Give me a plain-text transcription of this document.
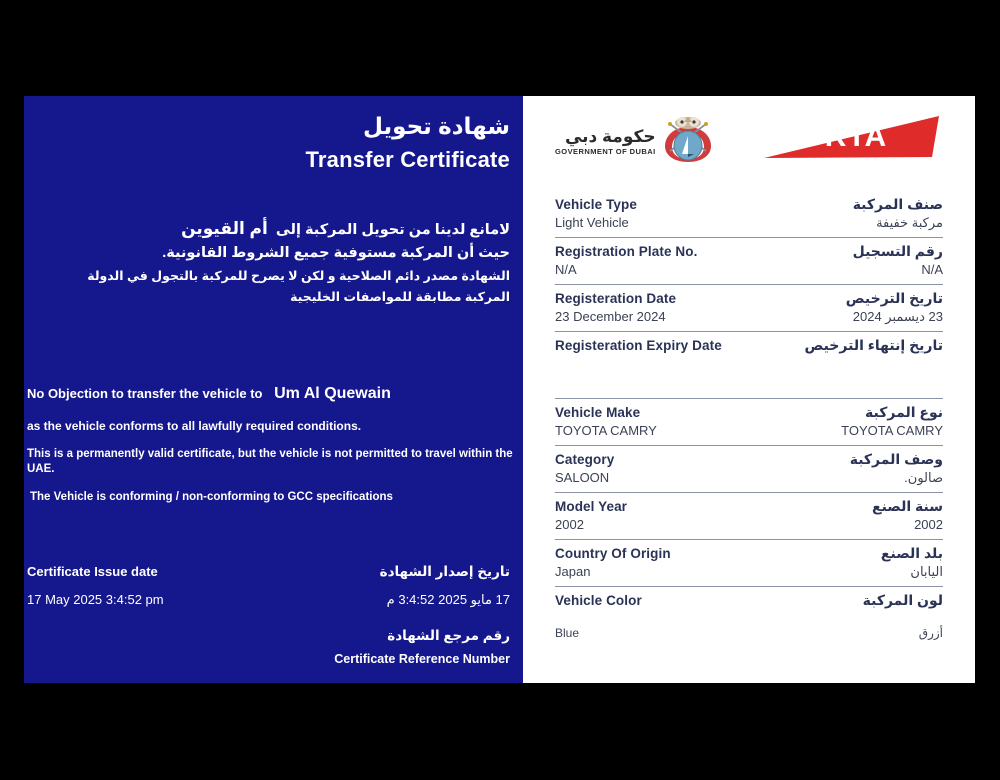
شهادة تحويل
Transfer Certificate
لامانع لدينا من تحويل المركبة إلى أم القيوين
حيث أن المركبة مستوفية جميع الشروط القانونية.
الشهادة مصدر دائم الصلاحية و لكن لا يصرح للمركبة بالتجول في الدولة
المركبة مطابقة للمواصفات الخليجية
No Objection to transfer the vehicle to Um Al Quewain
as the vehicle conforms to all lawfully required conditions.
This is a permanently valid certificate, but the vehicle is not permitted to travel within the UAE.
The Vehicle is conforming / non-conforming to GCC specifications
Certificate Issue date	تاريخ إصدار الشهادة
17 May 2025 3:4:52 pm	17 مايو 2025 3:4:52 م
رقم مرجع الشهادة
Certificate Reference Number
حكومة دبي
GOVERNMENT OF DUBAI	RTA
Vehicle Type	صنف المركبة
Light Vehicle	مركبة خفيفة
Registration Plate No.	رقم التسجيل
N/A	N/A
Registeration Date	تاريخ الترخيص
23 December 2024	23 ديسمبر 2024
Registeration Expiry Date	تاريخ إنتهاء الترخيص
Vehicle Make	نوع المركبة
TOYOTA CAMRY	TOYOTA CAMRY
Category	وصف المركبة
SALOON	صالون.
Model Year	سنة الصنع
2002	2002
Country Of Origin	بلد الصنع
Japan	اليابان
Vehicle Color	لون المركبة
Blue	أزرق
